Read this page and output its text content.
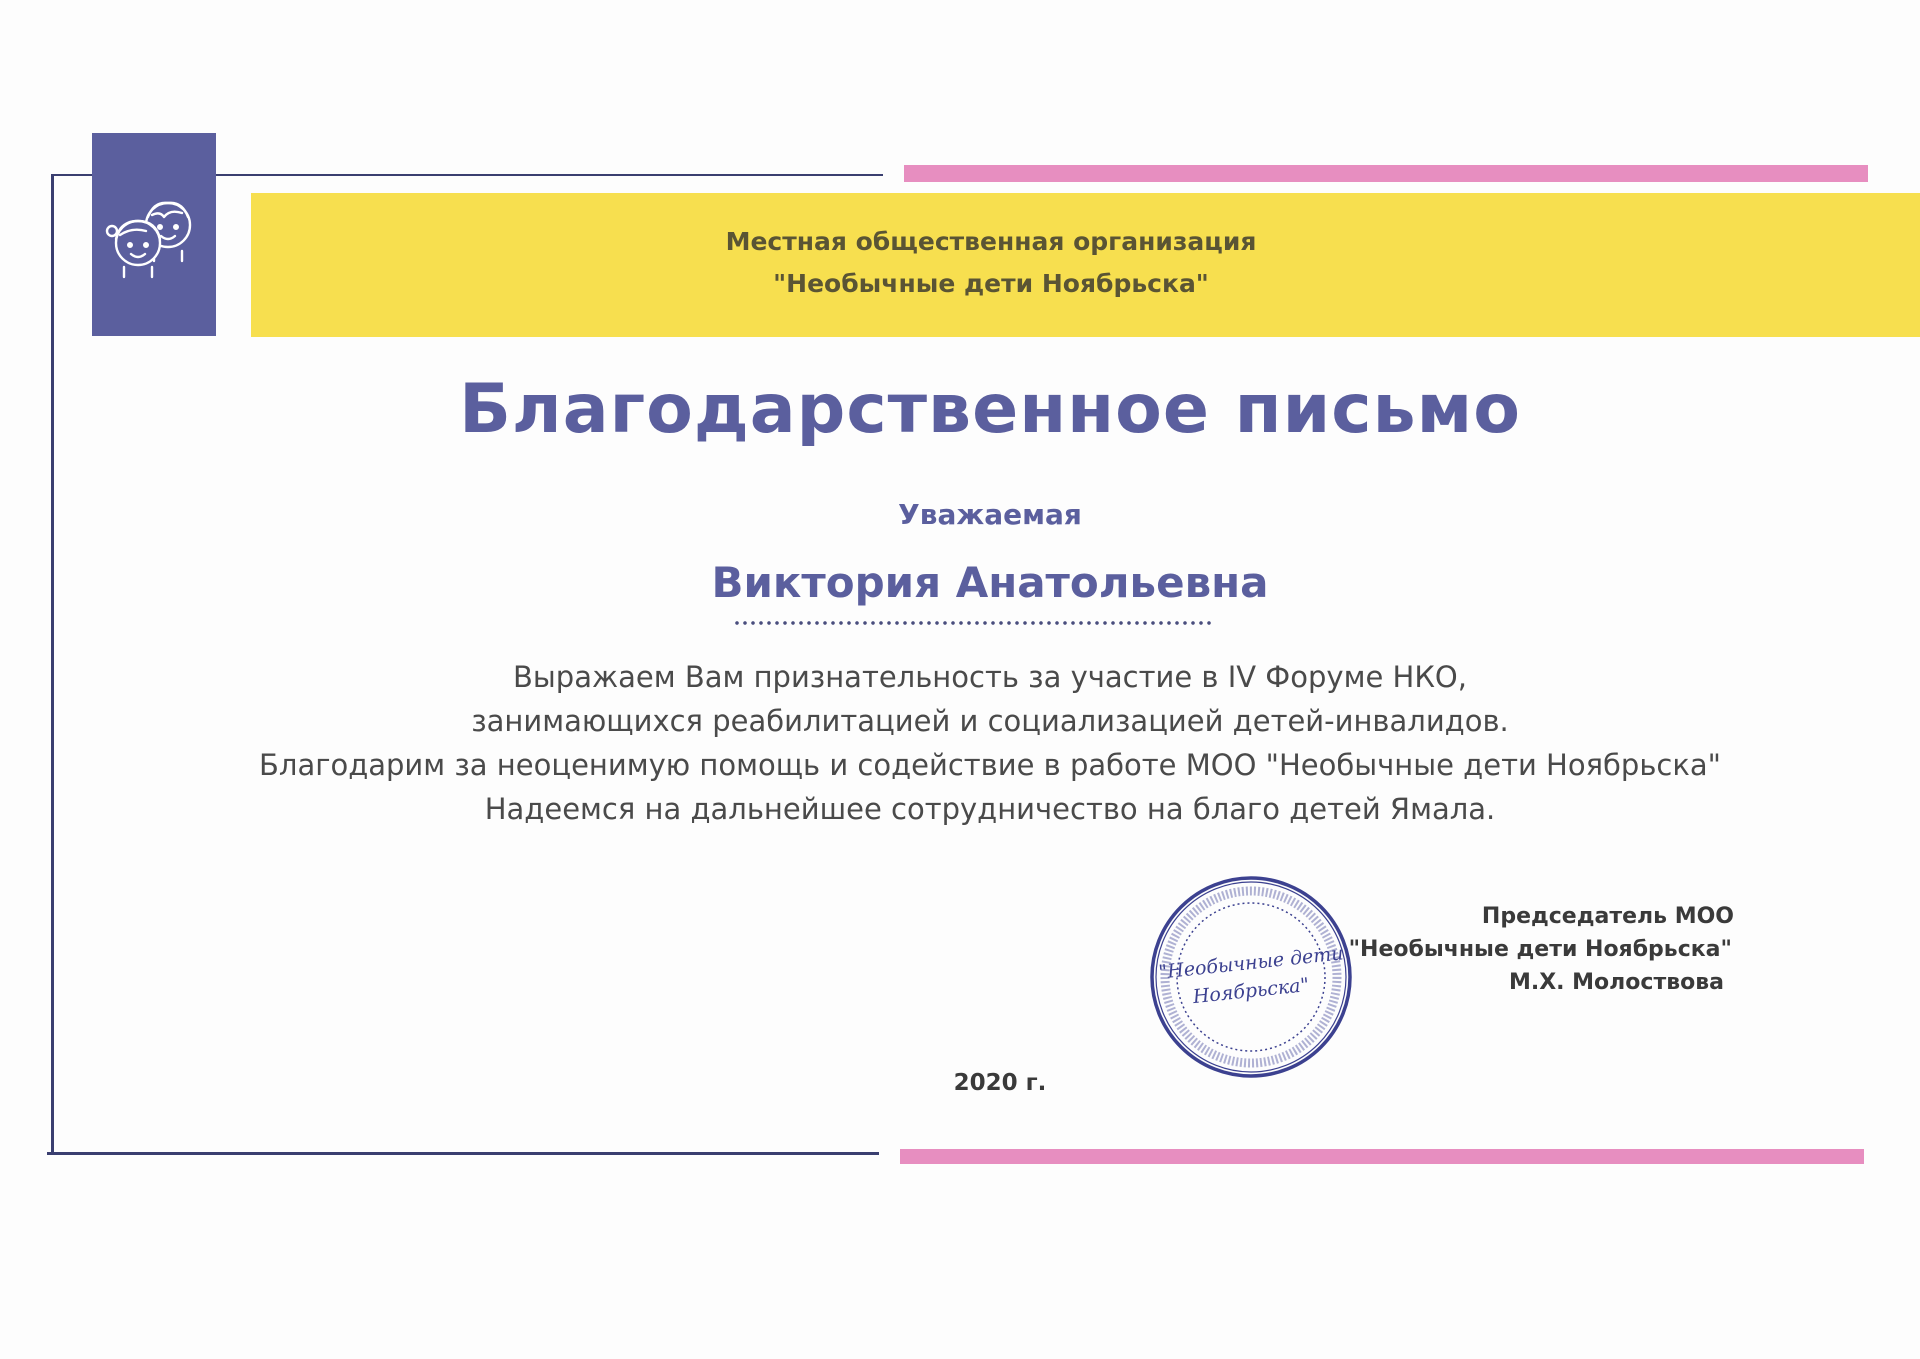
Местная общественная организация
"Необычные дети Ноябрьска"
Благодарственное письмо
Уважаемая
Виктория Анатольевна
Выражаем Вам признательность за участие в IV Форуме НКО,
занимающихся реабилитацией и социализацией детей-инвалидов.
Благодарим за неоценимую помощь и содействие в работе МОО "Необычные дети Ноябрьска"
Надеемся на дальнейшее сотрудничество на благо детей Ямала.
"Необычные дети
Ноябрьска"
Председатель МОО
"Необычные дети Ноябрьска"
М.Х. Молоствова
2020 г.
